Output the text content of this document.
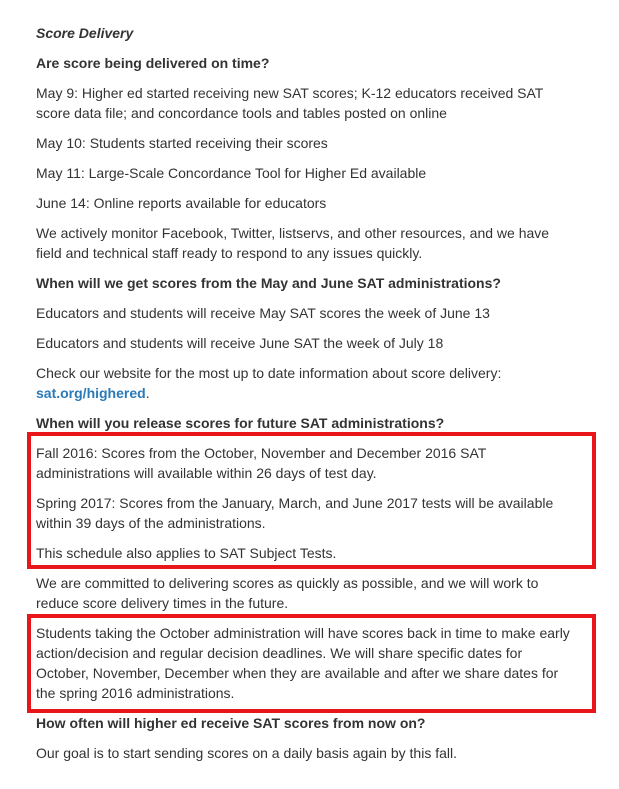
Score Delivery

Are score being delivered on time?

May 9: Higher ed started receiving new SAT scores; K-12 educators received SAT

score data file; and concordance tools and tables posted on online

May 10: Students started receiving their scores

May 11: Large-Scale Concordance Tool for Higher Ed available

June 14: Online reports available for educators

We actively monitor Facebook, Twitter, listservs, and other resources, and we have

field and technical staff ready to respond to any issues quickly.

When will we get scores from the May and June SAT administrations?

Educators and students will receive May SAT scores the week of June 13

Educators and students will receive June SAT the week of July 18

Check our website for the most up to date information about score delivery:

sat.org/highered.

When will you release scores for future SAT administrations?

Fall 2016: Scores from the October, November and December 2016 SAT

administrations will available within 26 days of test day.

Spring 2017: Scores from the January, March, and June 2017 tests will be available

within 39 days of the administrations.

This schedule also applies to SAT Subject Tests.

We are committed to delivering scores as quickly as possible, and we will work to

reduce score delivery times in the future.

Students taking the October administration will have scores back in time to make early

action/decision and regular decision deadlines. We will share specific dates for

October, November, December when they are available and after we share dates for

the spring 2016 administrations.

How often will higher ed receive SAT scores from now on?

Our goal is to start sending scores on a daily basis again by this fall.
